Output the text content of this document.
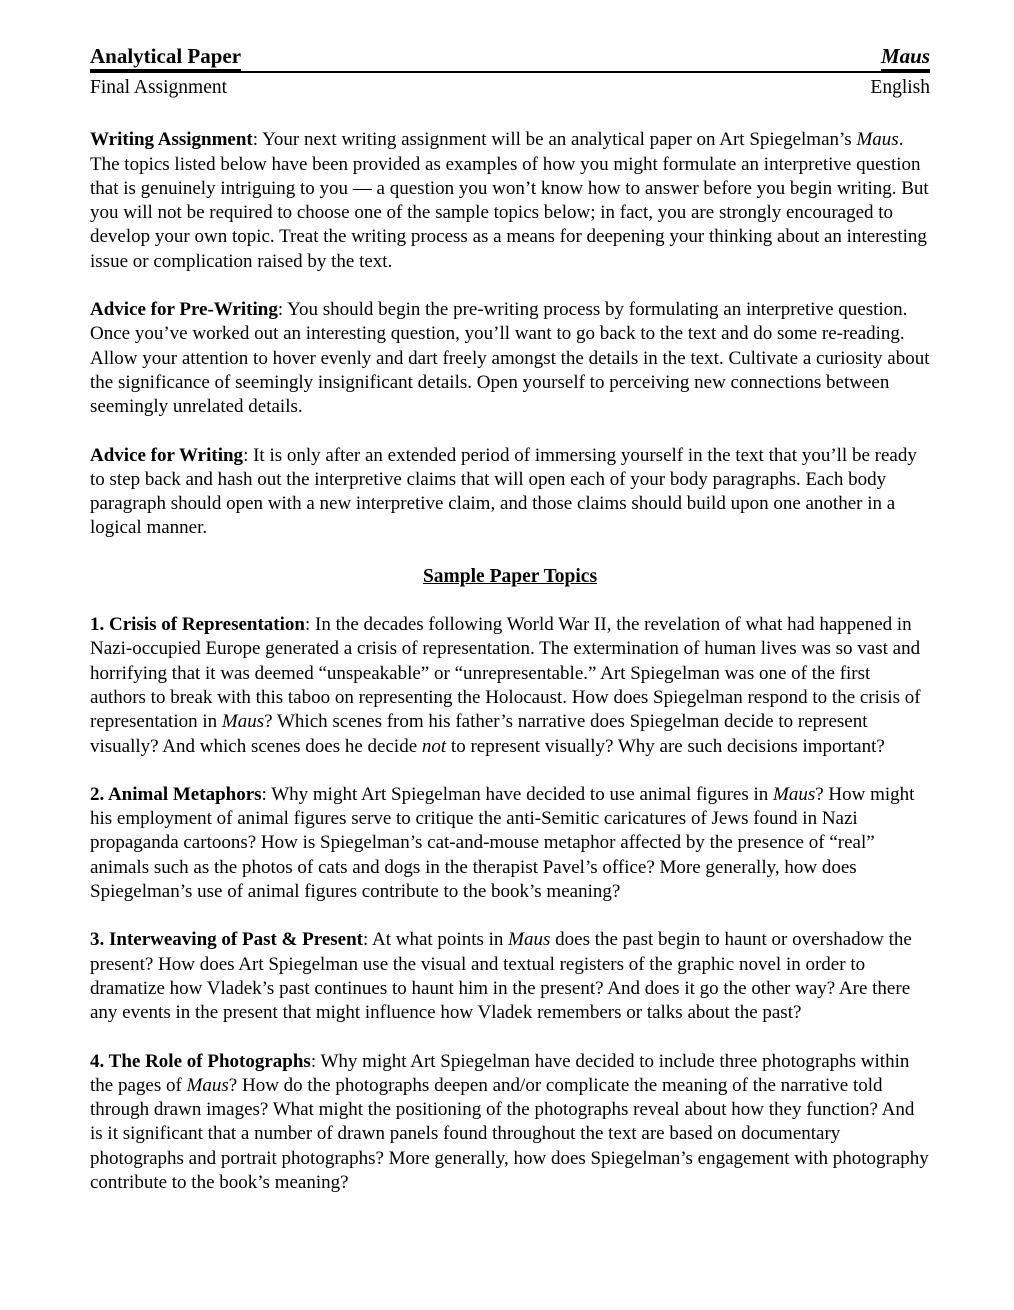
Analytical Paper	Maus
Final Assignment	English

Writing Assignment: Your next writing assignment will be an analytical paper on Art Spiegelman’s Maus. The topics listed below have been provided as examples of how you might formulate an interpretive question that is genuinely intriguing to you — a question you won’t know how to answer before you begin writing. But you will not be required to choose one of the sample topics below; in fact, you are strongly encouraged to develop your own topic. Treat the writing process as a means for deepening your thinking about an interesting issue or complication raised by the text.

Advice for Pre-Writing: You should begin the pre-writing process by formulating an interpretive question. Once you’ve worked out an interesting question, you’ll want to go back to the text and do some re-reading. Allow your attention to hover evenly and dart freely amongst the details in the text. Cultivate a curiosity about the significance of seemingly insignificant details. Open yourself to perceiving new connections between seemingly unrelated details.

Advice for Writing: It is only after an extended period of immersing yourself in the text that you’ll be ready to step back and hash out the interpretive claims that will open each of your body paragraphs. Each body paragraph should open with a new interpretive claim, and those claims should build upon one another in a logical manner.

Sample Paper Topics

1. Crisis of Representation: In the decades following World War II, the revelation of what had happened in Nazi-occupied Europe generated a crisis of representation. The extermination of human lives was so vast and horrifying that it was deemed “unspeakable” or “unrepresentable.” Art Spiegelman was one of the first authors to break with this taboo on representing the Holocaust. How does Spiegelman respond to the crisis of representation in Maus? Which scenes from his father’s narrative does Spiegelman decide to represent visually? And which scenes does he decide not to represent visually? Why are such decisions important?

2. Animal Metaphors: Why might Art Spiegelman have decided to use animal figures in Maus? How might his employment of animal figures serve to critique the anti-Semitic caricatures of Jews found in Nazi propaganda cartoons? How is Spiegelman’s cat-and-mouse metaphor affected by the presence of “real” animals such as the photos of cats and dogs in the therapist Pavel’s office? More generally, how does Spiegelman’s use of animal figures contribute to the book’s meaning?

3. Interweaving of Past & Present: At what points in Maus does the past begin to haunt or overshadow the present? How does Art Spiegelman use the visual and textual registers of the graphic novel in order to dramatize how Vladek’s past continues to haunt him in the present? And does it go the other way? Are there any events in the present that might influence how Vladek remembers or talks about the past?

4. The Role of Photographs: Why might Art Spiegelman have decided to include three photographs within the pages of Maus? How do the photographs deepen and/or complicate the meaning of the narrative told through drawn images? What might the positioning of the photographs reveal about how they function? And is it significant that a number of drawn panels found throughout the text are based on documentary photographs and portrait photographs? More generally, how does Spiegelman’s engagement with photography contribute to the book’s meaning?
